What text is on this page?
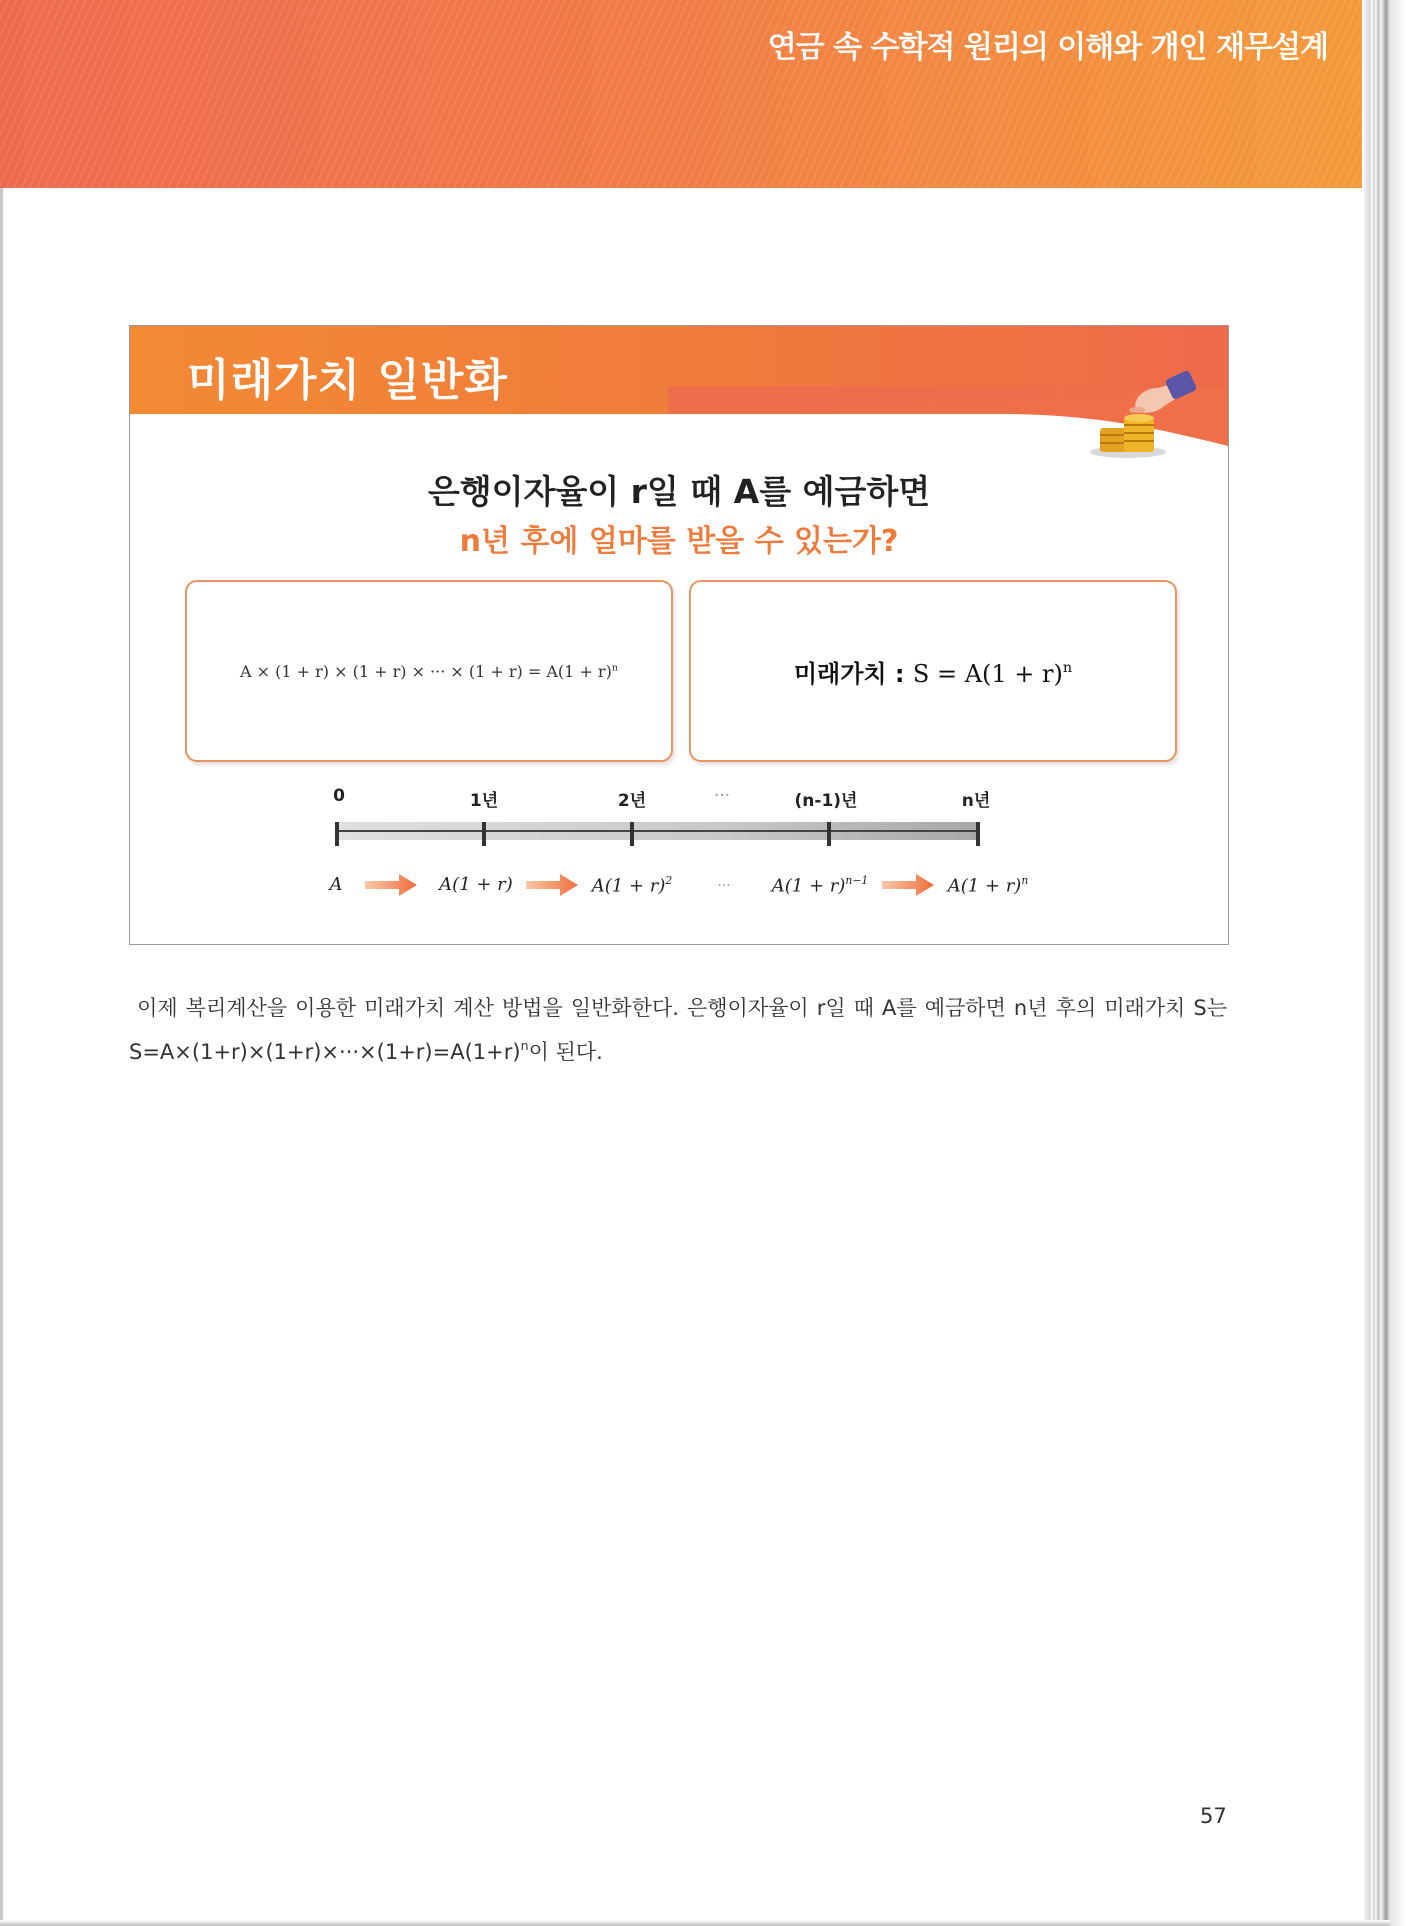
연금 속 수학적 원리의 이해와 개인 재무설계
미래가치 일반화
은행이자율이 r일 때 A를 예금하면
n년 후에 얼마를 받을 수 있는가?
A × (1 + r) × (1 + r) × ··· × $(1 + r) = A(1 + r)^n$	미래가치 : $S = A(1 + r)^n$
0	1년	2년	···	(n-1)년	n년
A	A(1 + r)	$A(1 + r)^2$	··· $A(1 + r)^{n-1}$	$A(1 + r)^n$
이제 복리계산을 이용한 미래가치 계산 방법을 일반화한다. 은행이자율이 r일 때 A를 예금하면 n년 후의 미래가치 S는 $S=A\times(1+r)\times(1+r)\times\cdot\cdot\cdot\times(1+r)=A(1+r)^n$이 된다.
57
